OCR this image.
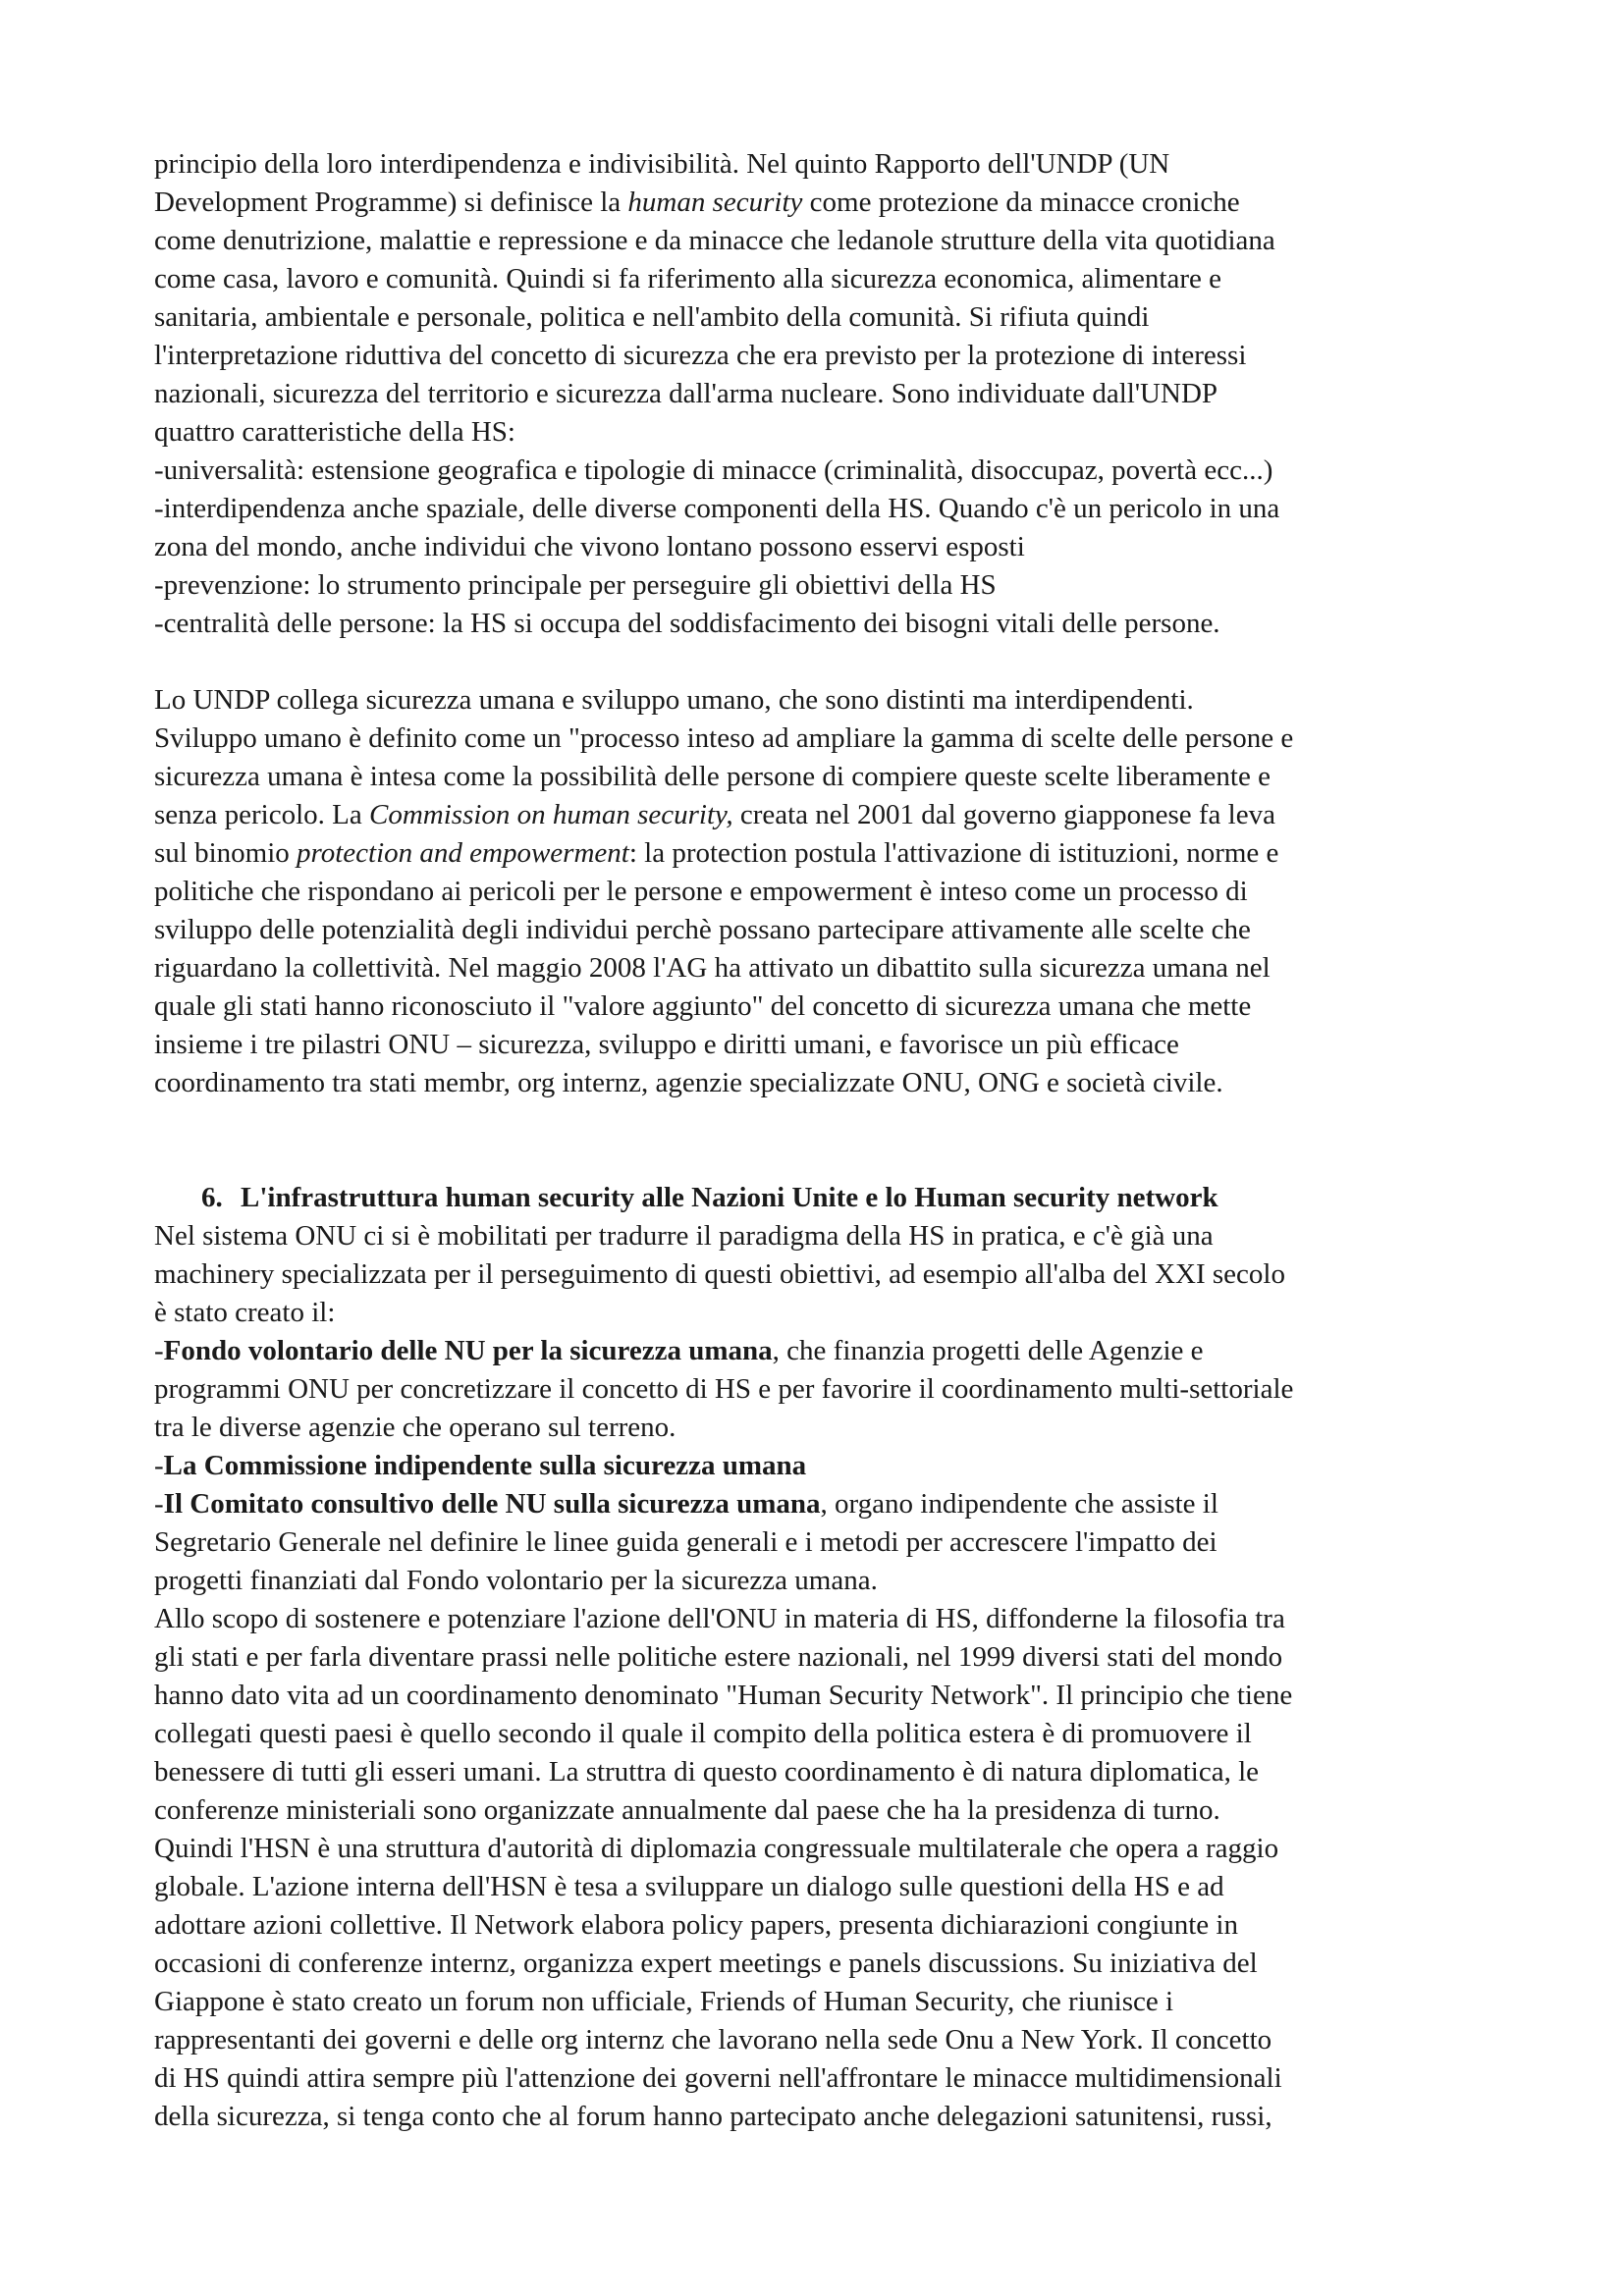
principio della loro interdipendenza e indivisibilità. Nel quinto Rapporto dell'UNDP (UN
Development Programme) si definisce la human security come protezione da minacce croniche
come denutrizione, malattie e repressione e da minacce che ledanole strutture della vita quotidiana
come casa, lavoro e comunità. Quindi si fa riferimento alla sicurezza economica, alimentare e
sanitaria, ambientale e personale, politica e nell'ambito della comunità. Si rifiuta quindi
l'interpretazione riduttiva del concetto di sicurezza che era previsto per la protezione di interessi
nazionali, sicurezza del territorio e sicurezza dall'arma nucleare. Sono individuate dall'UNDP
quattro caratteristiche della HS:
-universalità: estensione geografica e tipologie di minacce (criminalità, disoccupaz, povertà ecc...)
-interdipendenza anche spaziale, delle diverse componenti della HS. Quando c'è un pericolo in una
zona del mondo, anche individui che vivono lontano possono esservi esposti
-prevenzione: lo strumento principale per perseguire gli obiettivi della HS
-centralità delle persone: la HS si occupa del soddisfacimento dei bisogni vitali delle persone.
Lo UNDP collega sicurezza umana e sviluppo umano, che sono distinti ma interdipendenti.
Sviluppo umano è definito come un "processo inteso ad ampliare la gamma di scelte delle persone e
sicurezza umana è intesa come la possibilità delle persone di compiere queste scelte liberamente e
senza pericolo. La Commission on human security, creata nel 2001 dal governo giapponese fa leva
sul binomio protection and empowerment: la protection postula l'attivazione di istituzioni, norme e
politiche che rispondano ai pericoli per le persone e empowerment è inteso come un processo di
sviluppo delle potenzialità degli individui perchè possano partecipare attivamente alle scelte che
riguardano la collettività. Nel maggio 2008 l'AG ha attivato un dibattito sulla sicurezza umana nel
quale gli stati hanno riconosciuto il "valore aggiunto" del concetto di sicurezza umana che mette
insieme i tre pilastri ONU – sicurezza, sviluppo e diritti umani, e favorisce un più efficace
coordinamento tra stati membr, org internz, agenzie specializzate ONU, ONG e società civile.
6. L'infrastruttura human security alle Nazioni Unite e lo Human security network
Nel sistema ONU ci si è mobilitati per tradurre il paradigma della HS in pratica, e c'è già una
machinery specializzata per il perseguimento di questi obiettivi, ad esempio all'alba del XXI secolo
è stato creato il:
-Fondo volontario delle NU per la sicurezza umana, che finanzia progetti delle Agenzie e
programmi ONU per concretizzare il concetto di HS e per favorire il coordinamento multi-settoriale
tra le diverse agenzie che operano sul terreno.
-La Commissione indipendente sulla sicurezza umana
-Il Comitato consultivo delle NU sulla sicurezza umana, organo indipendente che assiste il
Segretario Generale nel definire le linee guida generali e i metodi per accrescere l'impatto dei
progetti finanziati dal Fondo volontario per la sicurezza umana.
Allo scopo di sostenere e potenziare l'azione dell'ONU in materia di HS, diffonderne la filosofia tra
gli stati e per farla diventare prassi nelle politiche estere nazionali, nel 1999 diversi stati del mondo
hanno dato vita ad un coordinamento denominato "Human Security Network". Il principio che tiene
collegati questi paesi è quello secondo il quale il compito della politica estera è di promuovere il
benessere di tutti gli esseri umani. La struttra di questo coordinamento è di natura diplomatica, le
conferenze ministeriali sono organizzate annualmente dal paese che ha la presidenza di turno.
Quindi l'HSN è una struttura d'autorità di diplomazia congressuale multilaterale che opera a raggio
globale. L'azione interna dell'HSN è tesa a sviluppare un dialogo sulle questioni della HS e ad
adottare azioni collettive. Il Network elabora policy papers, presenta dichiarazioni congiunte in
occasioni di conferenze internz, organizza expert meetings e panels discussions. Su iniziativa del
Giappone è stato creato un forum non ufficiale, Friends of Human Security, che riunisce i
rappresentanti dei governi e delle org internz che lavorano nella sede Onu a New York. Il concetto
di HS quindi attira sempre più l'attenzione dei governi nell'affrontare le minacce multidimensionali
della sicurezza, si tenga conto che al forum hanno partecipato anche delegazioni satunitensi, russi,
